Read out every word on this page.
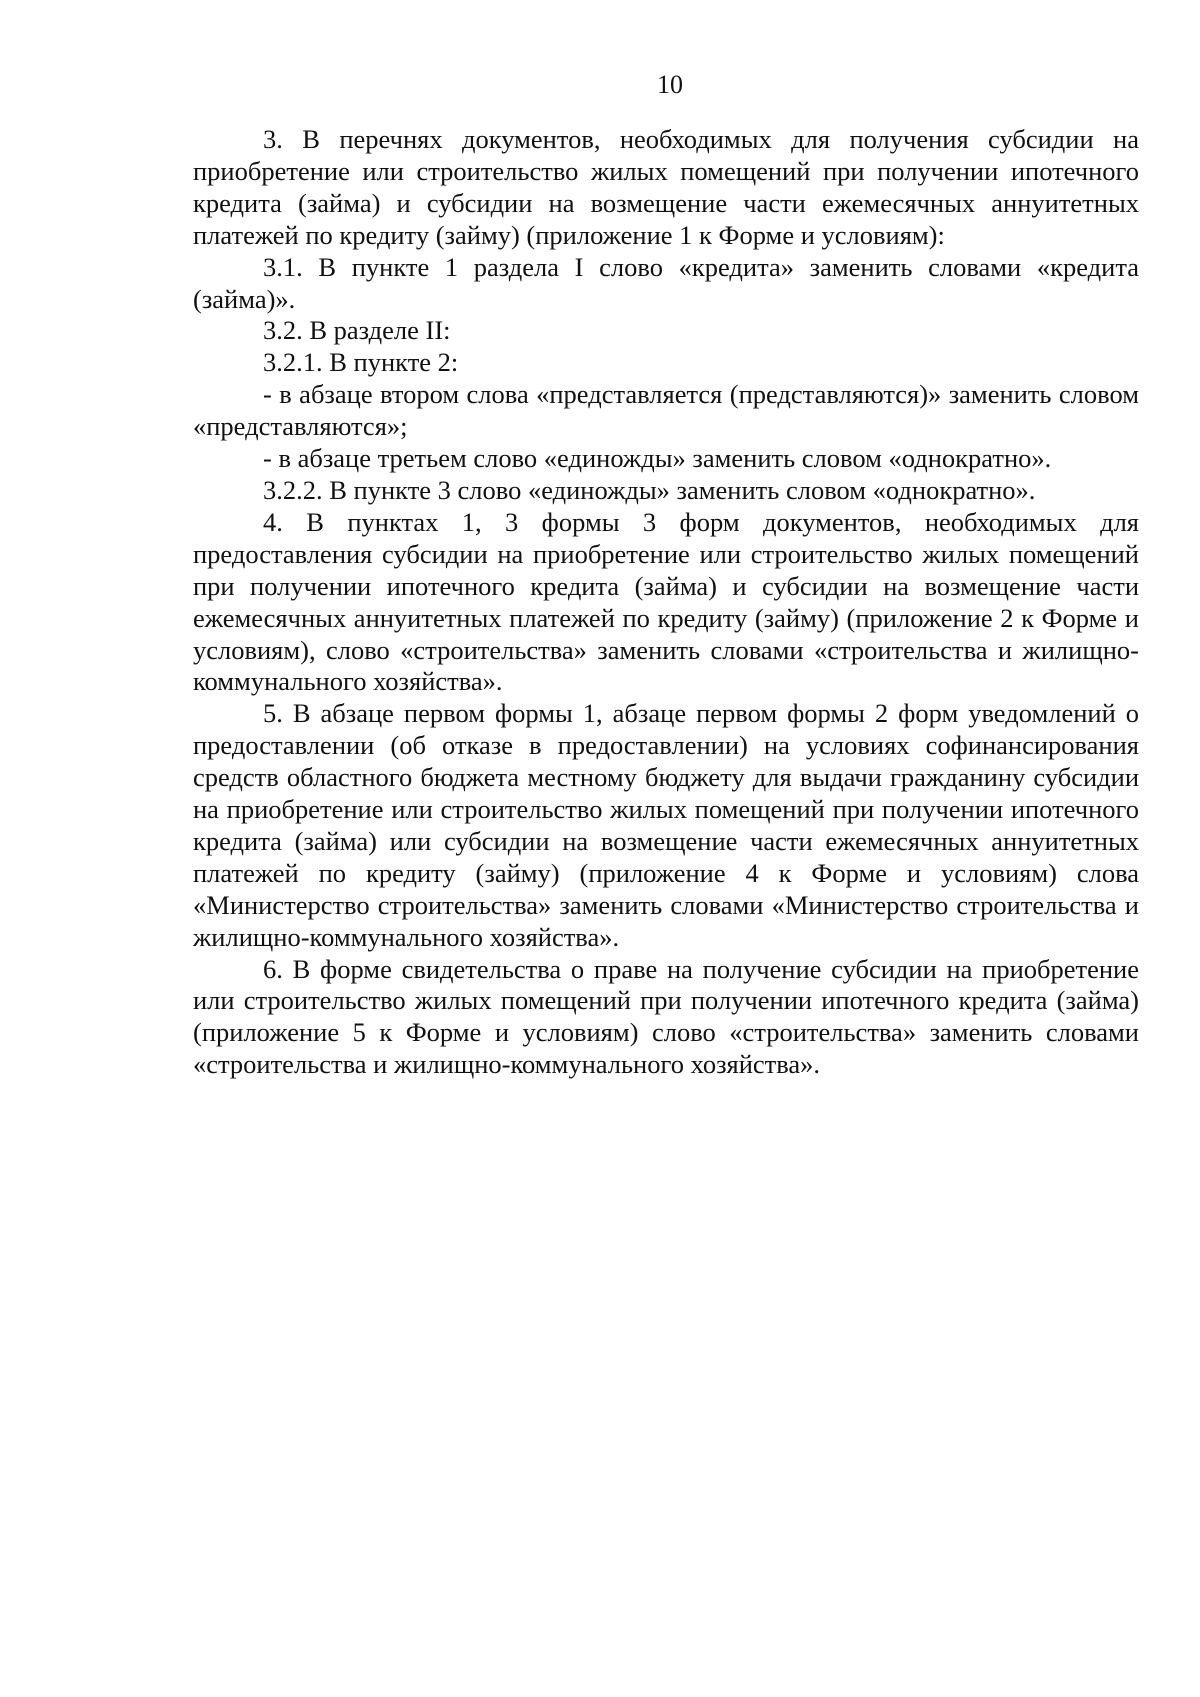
10

3. В перечнях документов, необходимых для получения субсидии на приобретение или строительство жилых помещений при получении ипотечного кредита (займа) и субсидии на возмещение части ежемесячных аннуитетных платежей по кредиту (займу) (приложение 1 к Форме и условиям):

3.1. В пункте 1 раздела I слово «кредита» заменить словами «кредита (займа)».

3.2. В разделе II:

3.2.1. В пункте 2:

- в абзаце втором слова «представляется (представляются)» заменить словом «представляются»;

- в абзаце третьем слово «единожды» заменить словом «однократно».

3.2.2. В пункте 3 слово «единожды» заменить словом «однократно».

4. В пунктах 1, 3 формы 3 форм документов, необходимых для предоставления субсидии на приобретение или строительство жилых помещений при получении ипотечного кредита (займа) и субсидии на возмещение части ежемесячных аннуитетных платежей по кредиту (займу) (приложение 2 к Форме и условиям), слово «строительства» заменить словами «строительства и жилищно-коммунального хозяйства».

5. В абзаце первом формы 1, абзаце первом формы 2 форм уведомлений о предоставлении (об отказе в предоставлении) на условиях софинансирования средств областного бюджета местному бюджету для выдачи гражданину субсидии на приобретение или строительство жилых помещений при получении ипотечного кредита (займа) или субсидии на возмещение части ежемесячных аннуитетных платежей по кредиту (займу) (приложение 4 к Форме и условиям) слова «Министерство строительства» заменить словами «Министерство строительства и жилищно-коммунального хозяйства».

6. В форме свидетельства о праве на получение субсидии на приобретение или строительство жилых помещений при получении ипотечного кредита (займа) (приложение 5 к Форме и условиям) слово «строительства» заменить словами «строительства и жилищно-коммунального хозяйства».
